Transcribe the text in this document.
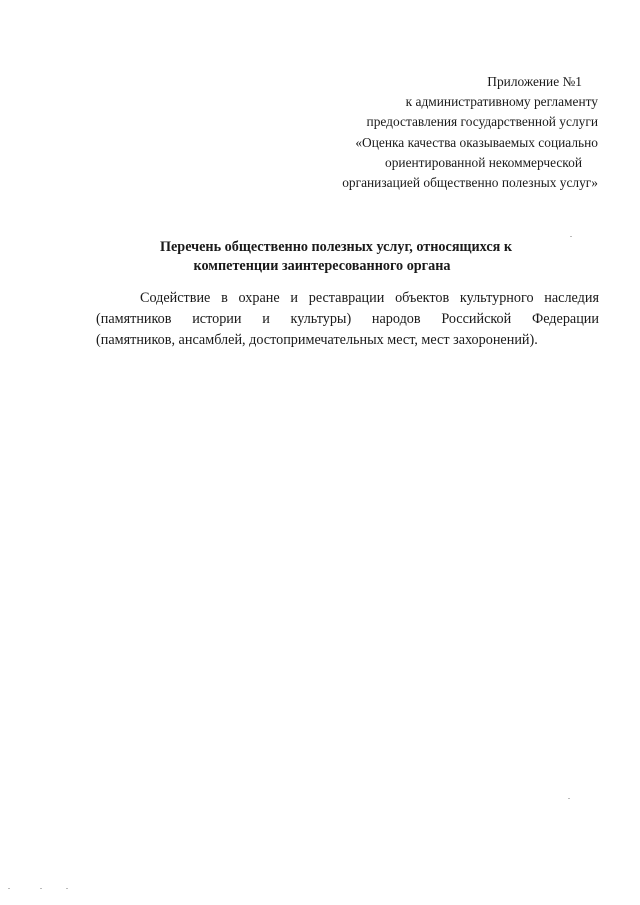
Приложение №1
к административному регламенту
предоставления государственной услуги
«Оценка качества оказываемых социально
ориентированной некоммерческой
организацией общественно полезных услуг»
Перечень общественно полезных услуг, относящихся к
компетенции заинтересованного органа
Содействие в охране и реставрации объектов культурного наследия
(памятников истории и культуры) народов Российской Федерации
(памятников, ансамблей, достопримечательных мест, мест захоронений).
